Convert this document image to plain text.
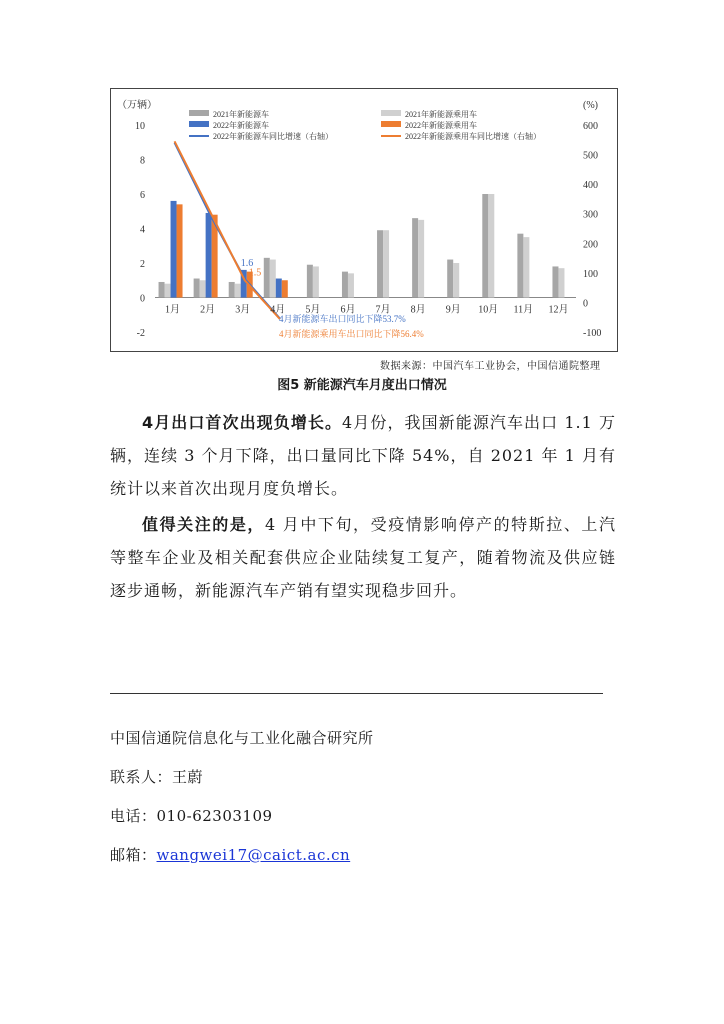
（万辆）	(%)
10
8
6
4
2
0
-2
600
500
400
300
200
100
0
-100
1月 2月 3月 4月 5月 6月 7月 8月 9月 10月 11月 12月
1.6
1.5
4月新能源车出口同比下降53.7%
4月新能源乘用车出口同比下降56.4%
2021年新能源车	2021年新能源乘用车
2022年新能源车	2022年新能源乘用车
2022年新能源车同比增速（右轴）	2022年新能源乘用车同比增速（右轴）
数据来源：中国汽车工业协会，中国信通院整理
图5 新能源汽车月度出口情况
4月出口首次出现负增长。4月份，我国新能源汽车出口 1.1 万辆，连续 3 个月下降，出口量同比下降 54%，自 2021 年 1 月有统计以来首次出现月度负增长。
值得关注的是，4 月中下旬，受疫情影响停产的特斯拉、上汽等整车企业及相关配套供应企业陆续复工复产，随着物流及供应链逐步通畅，新能源汽车产销有望实现稳步回升。
中国信通院信息化与工业化融合研究所
联系人：王蔚
电话：010-62303109
邮箱：wangwei17@caict.ac.cn
